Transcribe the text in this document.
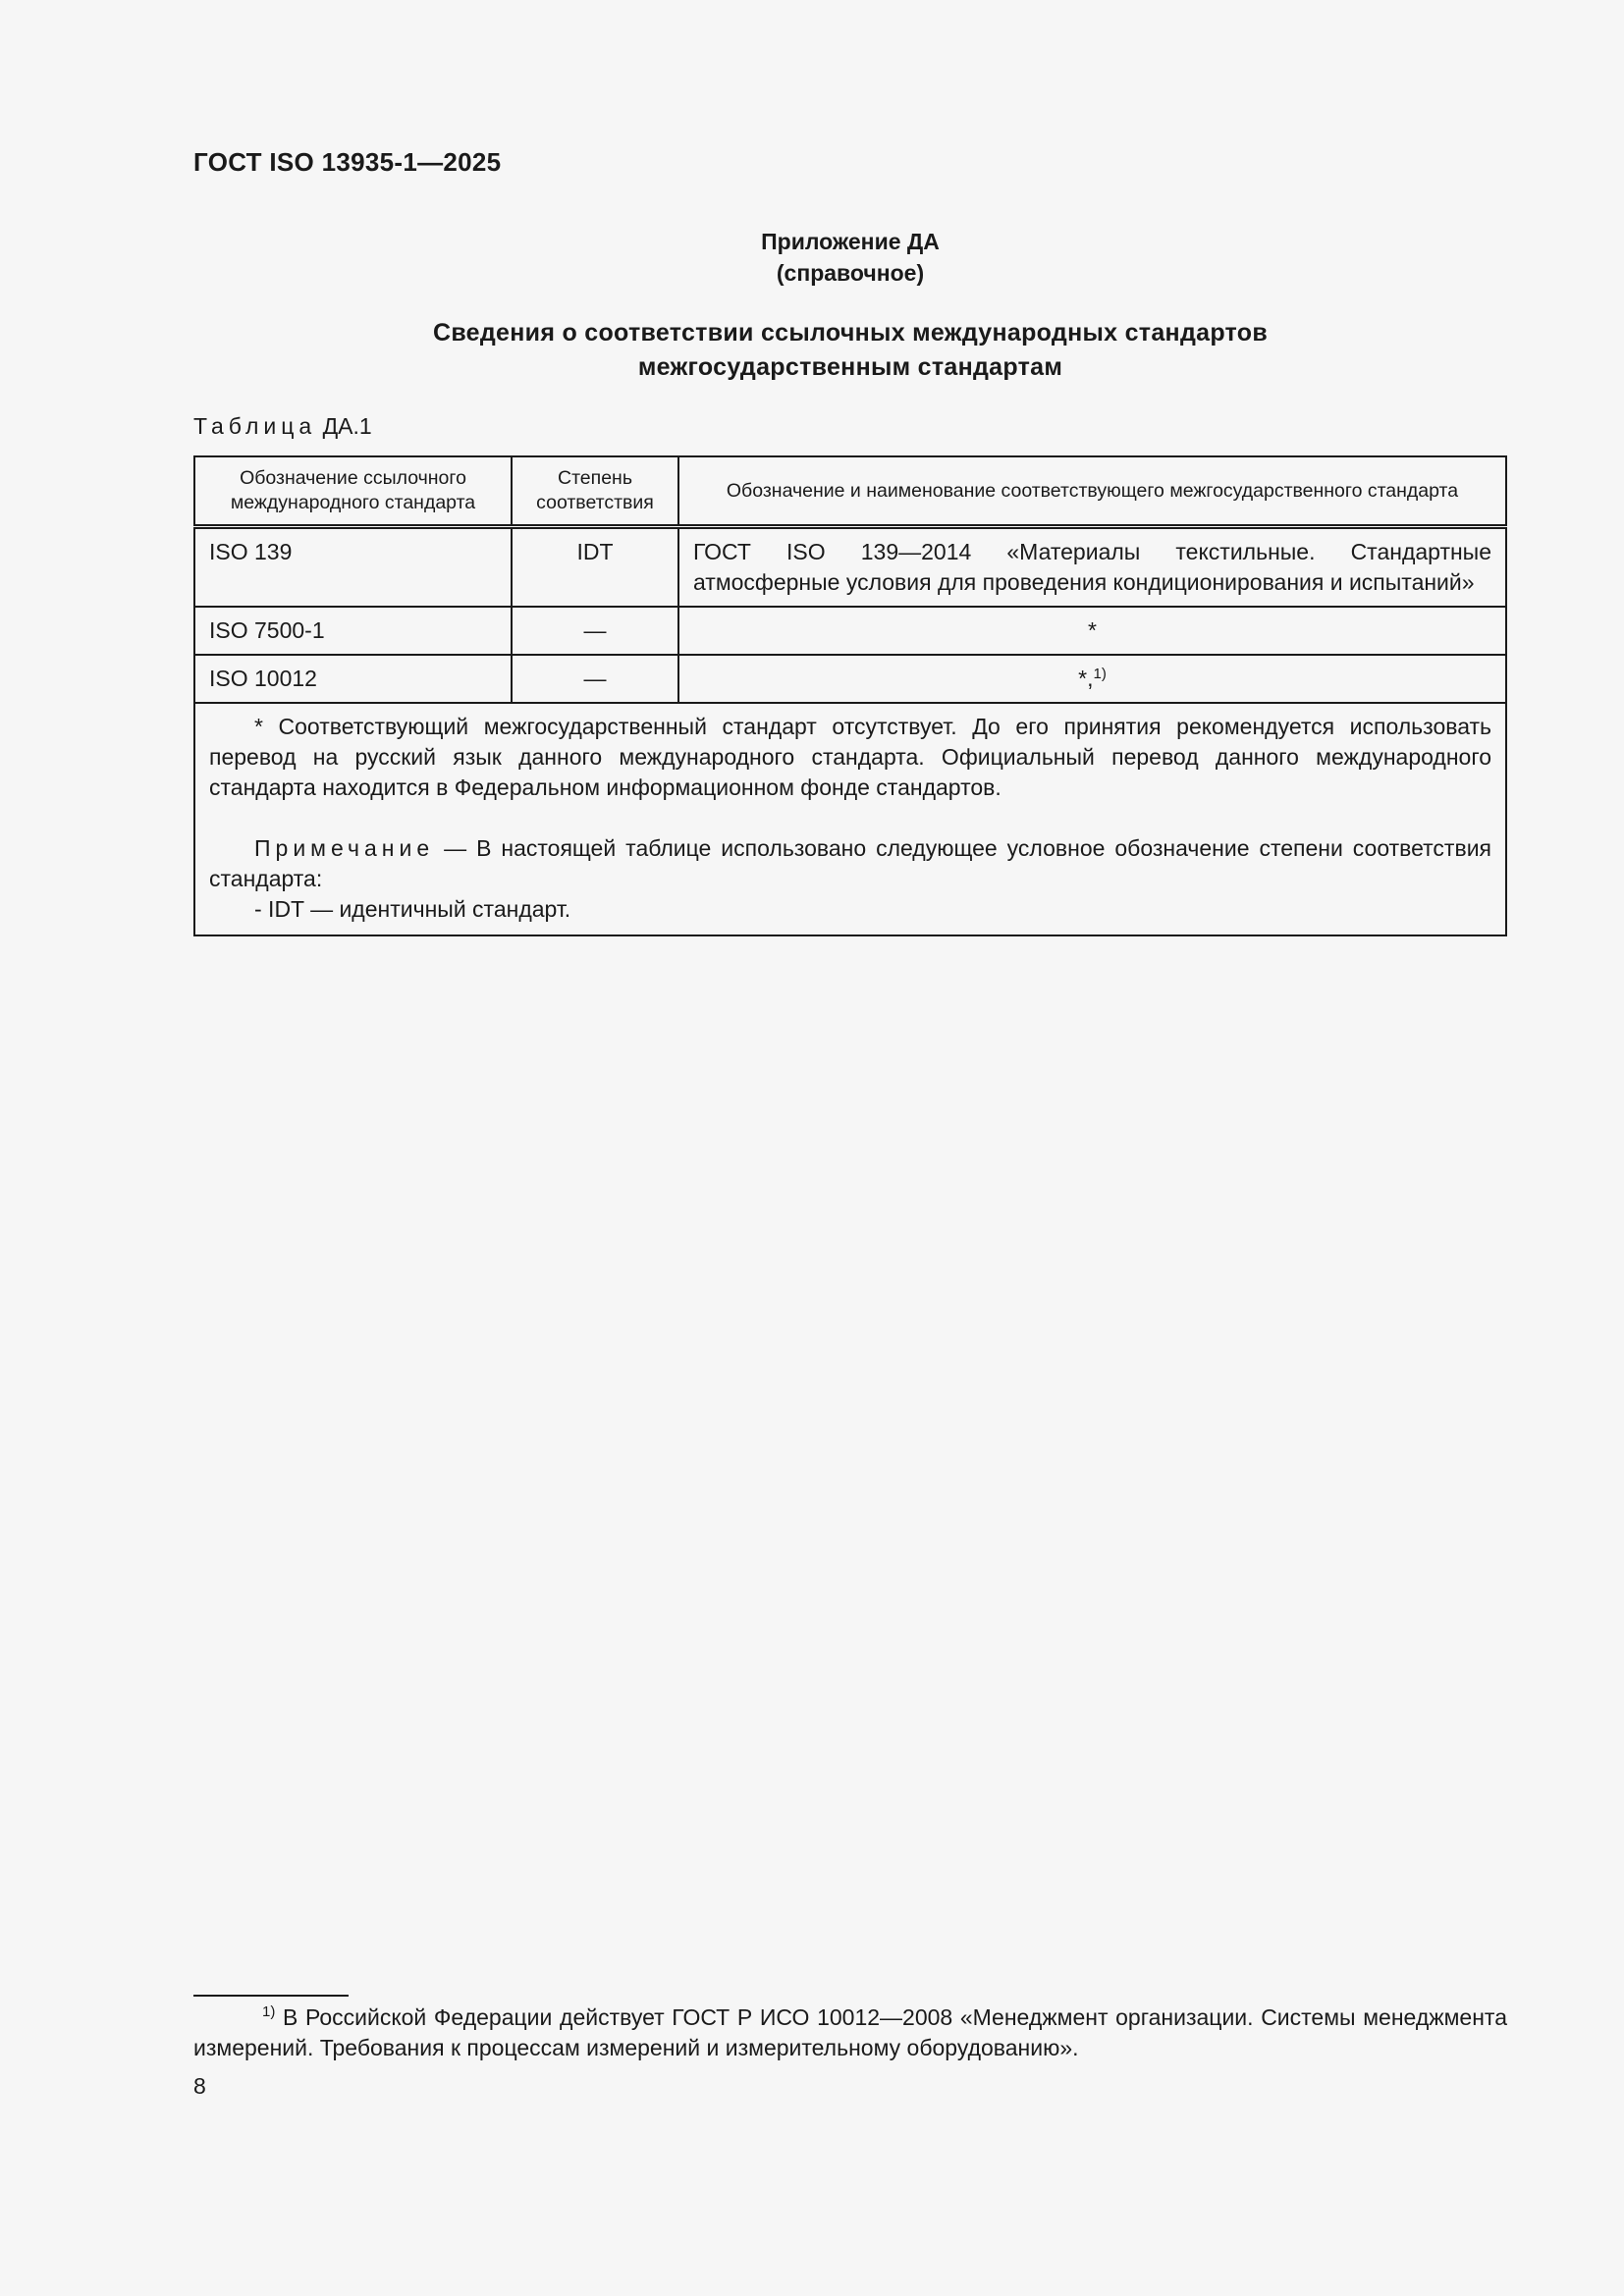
ГОСТ ISO 13935-1—2025
Приложение ДА
(справочное)
Сведения о соответствии ссылочных международных стандартов
межгосударственным стандартам
Таблица ДА.1
Обозначение ссылочного международного стандарта	Степень соответствия	Обозначение и наименование соответствующего межгосударственного стандарта
ISO 139	IDT	ГОСТ ISO 139—2014 «Материалы текстильные. Стандартные атмосферные условия для проведения кондиционирования и испытаний»
ISO 7500-1	—	*
ISO 10012	—	*,$^{1)}$

* Соответствующий межгосударственный стандарт отсутствует. До его принятия рекомендуется использовать перевод на русский язык данного международного стандарта. Официальный перевод данного международного стандарта находится в Федеральном информационном фонде стандартов.

Примечание — В настоящей таблице использовано следующее условное обозначение степени соответствия стандарта:

- IDT — идентичный стандарт.		

$^{1)}$ В Российской Федерации действует ГОСТ Р ИСО 10012—2008 «Менеджмент организации. Системы менеджмента измерений. Требования к процессам измерений и измерительному оборудованию».
8
